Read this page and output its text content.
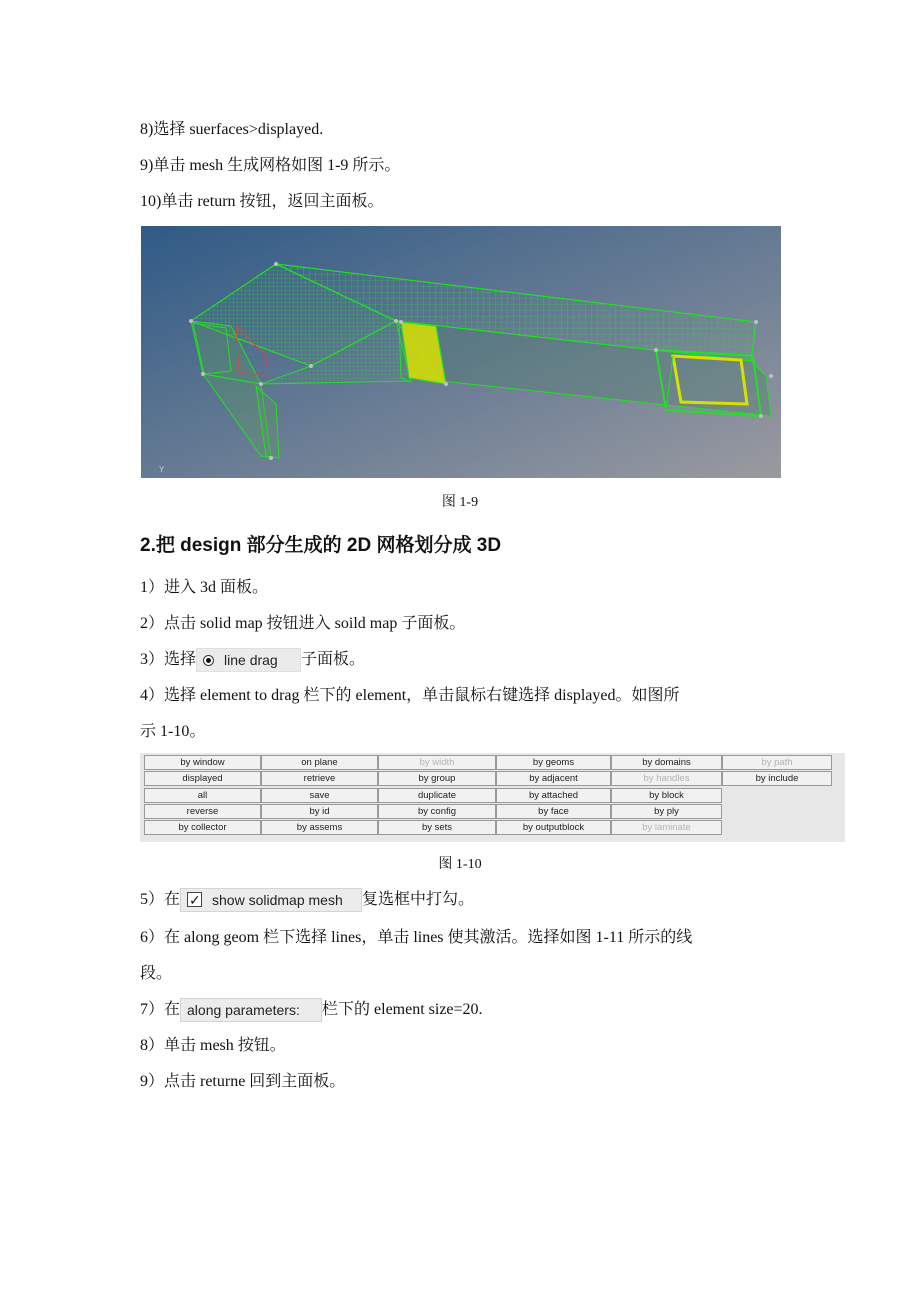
8)选择 suerfaces>displayed.
9)单击 mesh 生成网格如图 1-9 所示。
10)单击 return 按钮，返回主面板。
Y
图 1-9
2.把 design 部分生成的 2D 网格划分成 3D
1）进入 3d 面板。
2）点击 solid map 按钮进入 soild map 子面板。
3）选择 line drag 子面板。
4）选择 element to drag 栏下的 element，单击鼠标右键选择 displayed。如图所
示 1-10。
by window
displayed
all
reverse
by collector
on plane
retrieve
save
by id
by assems
by width
by group
duplicate
by config
by sets
by geoms
by adjacent
by attached
by face
by outputblock
by domains
by handles
by block
by ply
by laminate
by path
by include
图 1-10
5）在✓ show solidmap mesh 复选框中打勾。
6）在 along geom 栏下选择 lines，单击 lines 使其激活。选择如图 1-11 所示的线
段。
7）在 along parameters: 栏下的 element size=20.
8）单击 mesh 按钮。
9）点击 returne 回到主面板。
